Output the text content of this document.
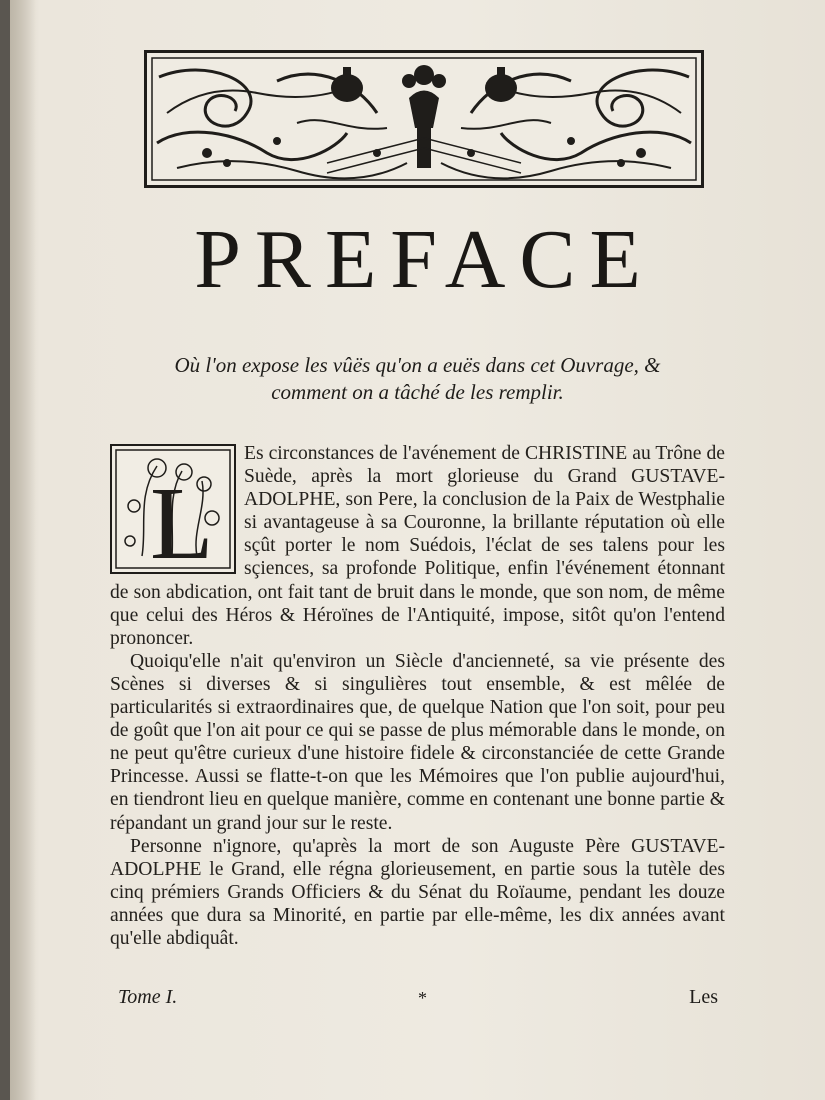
PREFACE
Où l'on expose les vûës qu'on a euës dans cet Ouvrage, &
comment on a tâché de les remplir.
L

Es circonstances de l'avénement de CHRISTINE au Trône de Suède, après la mort glorieuse du Grand GUSTAVE-ADOLPHE, son Pere, la conclusion de la Paix de Westphalie si avantageuse à sa Couronne, la brillante réputation où elle sçût porter le nom Suédois, l'éclat de ses talens pour les sçiences, sa profonde Politique, enfin l'événement étonnant de son abdication, ont fait tant de bruit dans le monde, que son nom, de même que celui des Héros & Héroïnes de l'Antiquité, impose, sitôt qu'on l'entend prononcer.

Quoiqu'elle n'ait qu'environ un Siècle d'ancienneté, sa vie présente des Scènes si diverses & si singulières tout ensemble, & est mêlée de particularités si extraordinaires que, de quelque Nation que l'on soit, pour peu de goût que l'on ait pour ce qui se passe de plus mémorable dans le monde, on ne peut qu'être curieux d'une histoire fidele & circonstanciée de cette Grande Princesse. Aussi se flatte-t-on que les Mémoires que l'on publie aujourd'hui, en tiendront lieu en quelque manière, comme en contenant une bonne partie & répandant un grand jour sur le reste.

Personne n'ignore, qu'après la mort de son Auguste Père GUSTAVE-ADOLPHE le Grand, elle régna glorieusement, en partie sous la tutèle des cinq prémiers Grands Officiers & du Sénat du Roïaume, pendant les douze années que dura sa Minorité, en partie par elle-même, les dix années avant qu'elle abdiquât.

Tome I.	*	Les
